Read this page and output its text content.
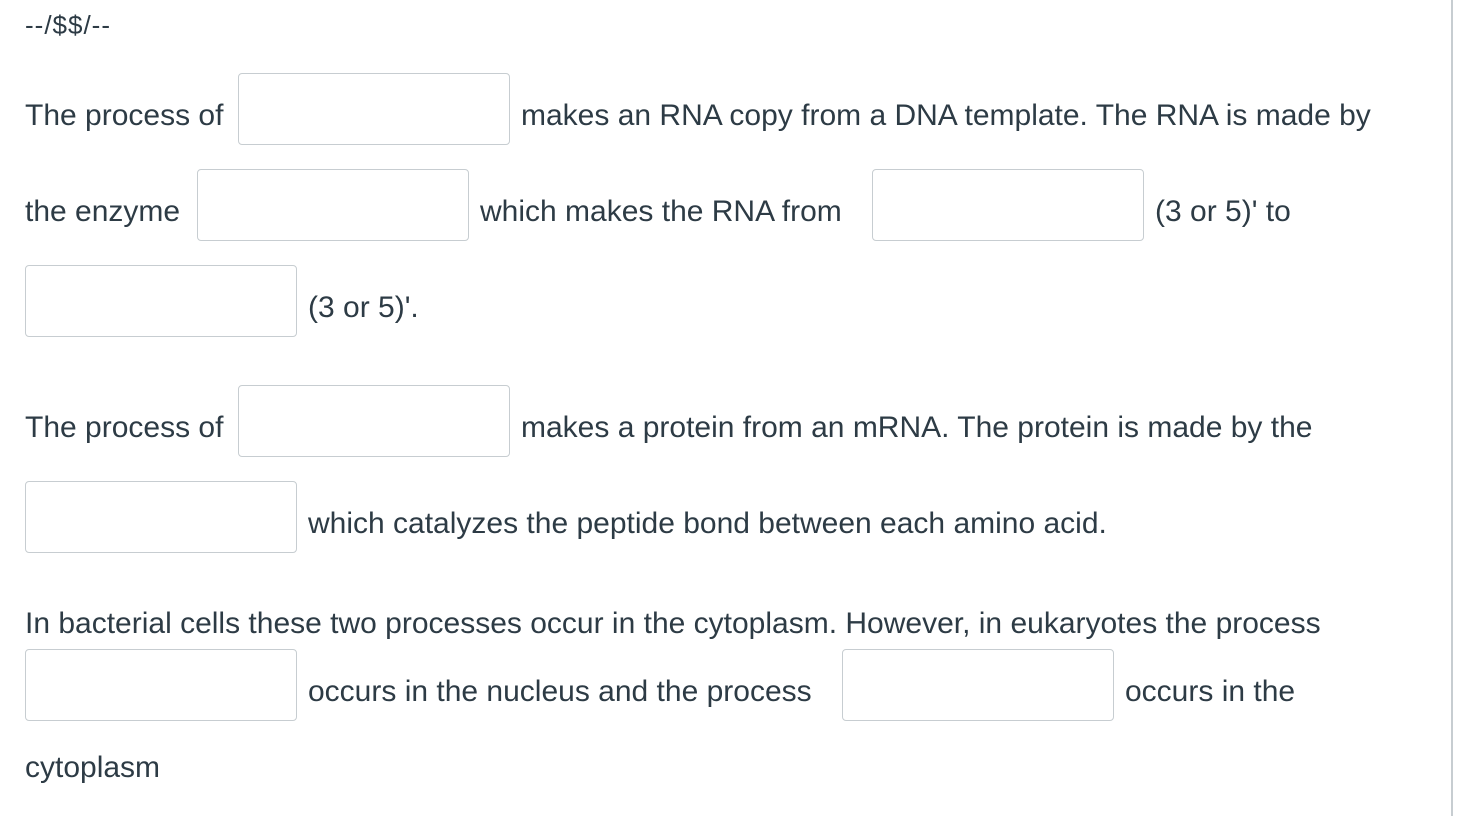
--/$$/--
The process of	makes an RNA copy from a DNA template. The RNA is made by
the enzyme	which makes the RNA from	(3 or 5)' to
(3 or 5)'.
The process of	makes a protein from an mRNA. The protein is made by the
which catalyzes the peptide bond between each amino acid.
In bacterial cells these two processes occur in the cytoplasm. However, in eukaryotes the process
occurs in the nucleus and the process	occurs in the
cytoplasm
